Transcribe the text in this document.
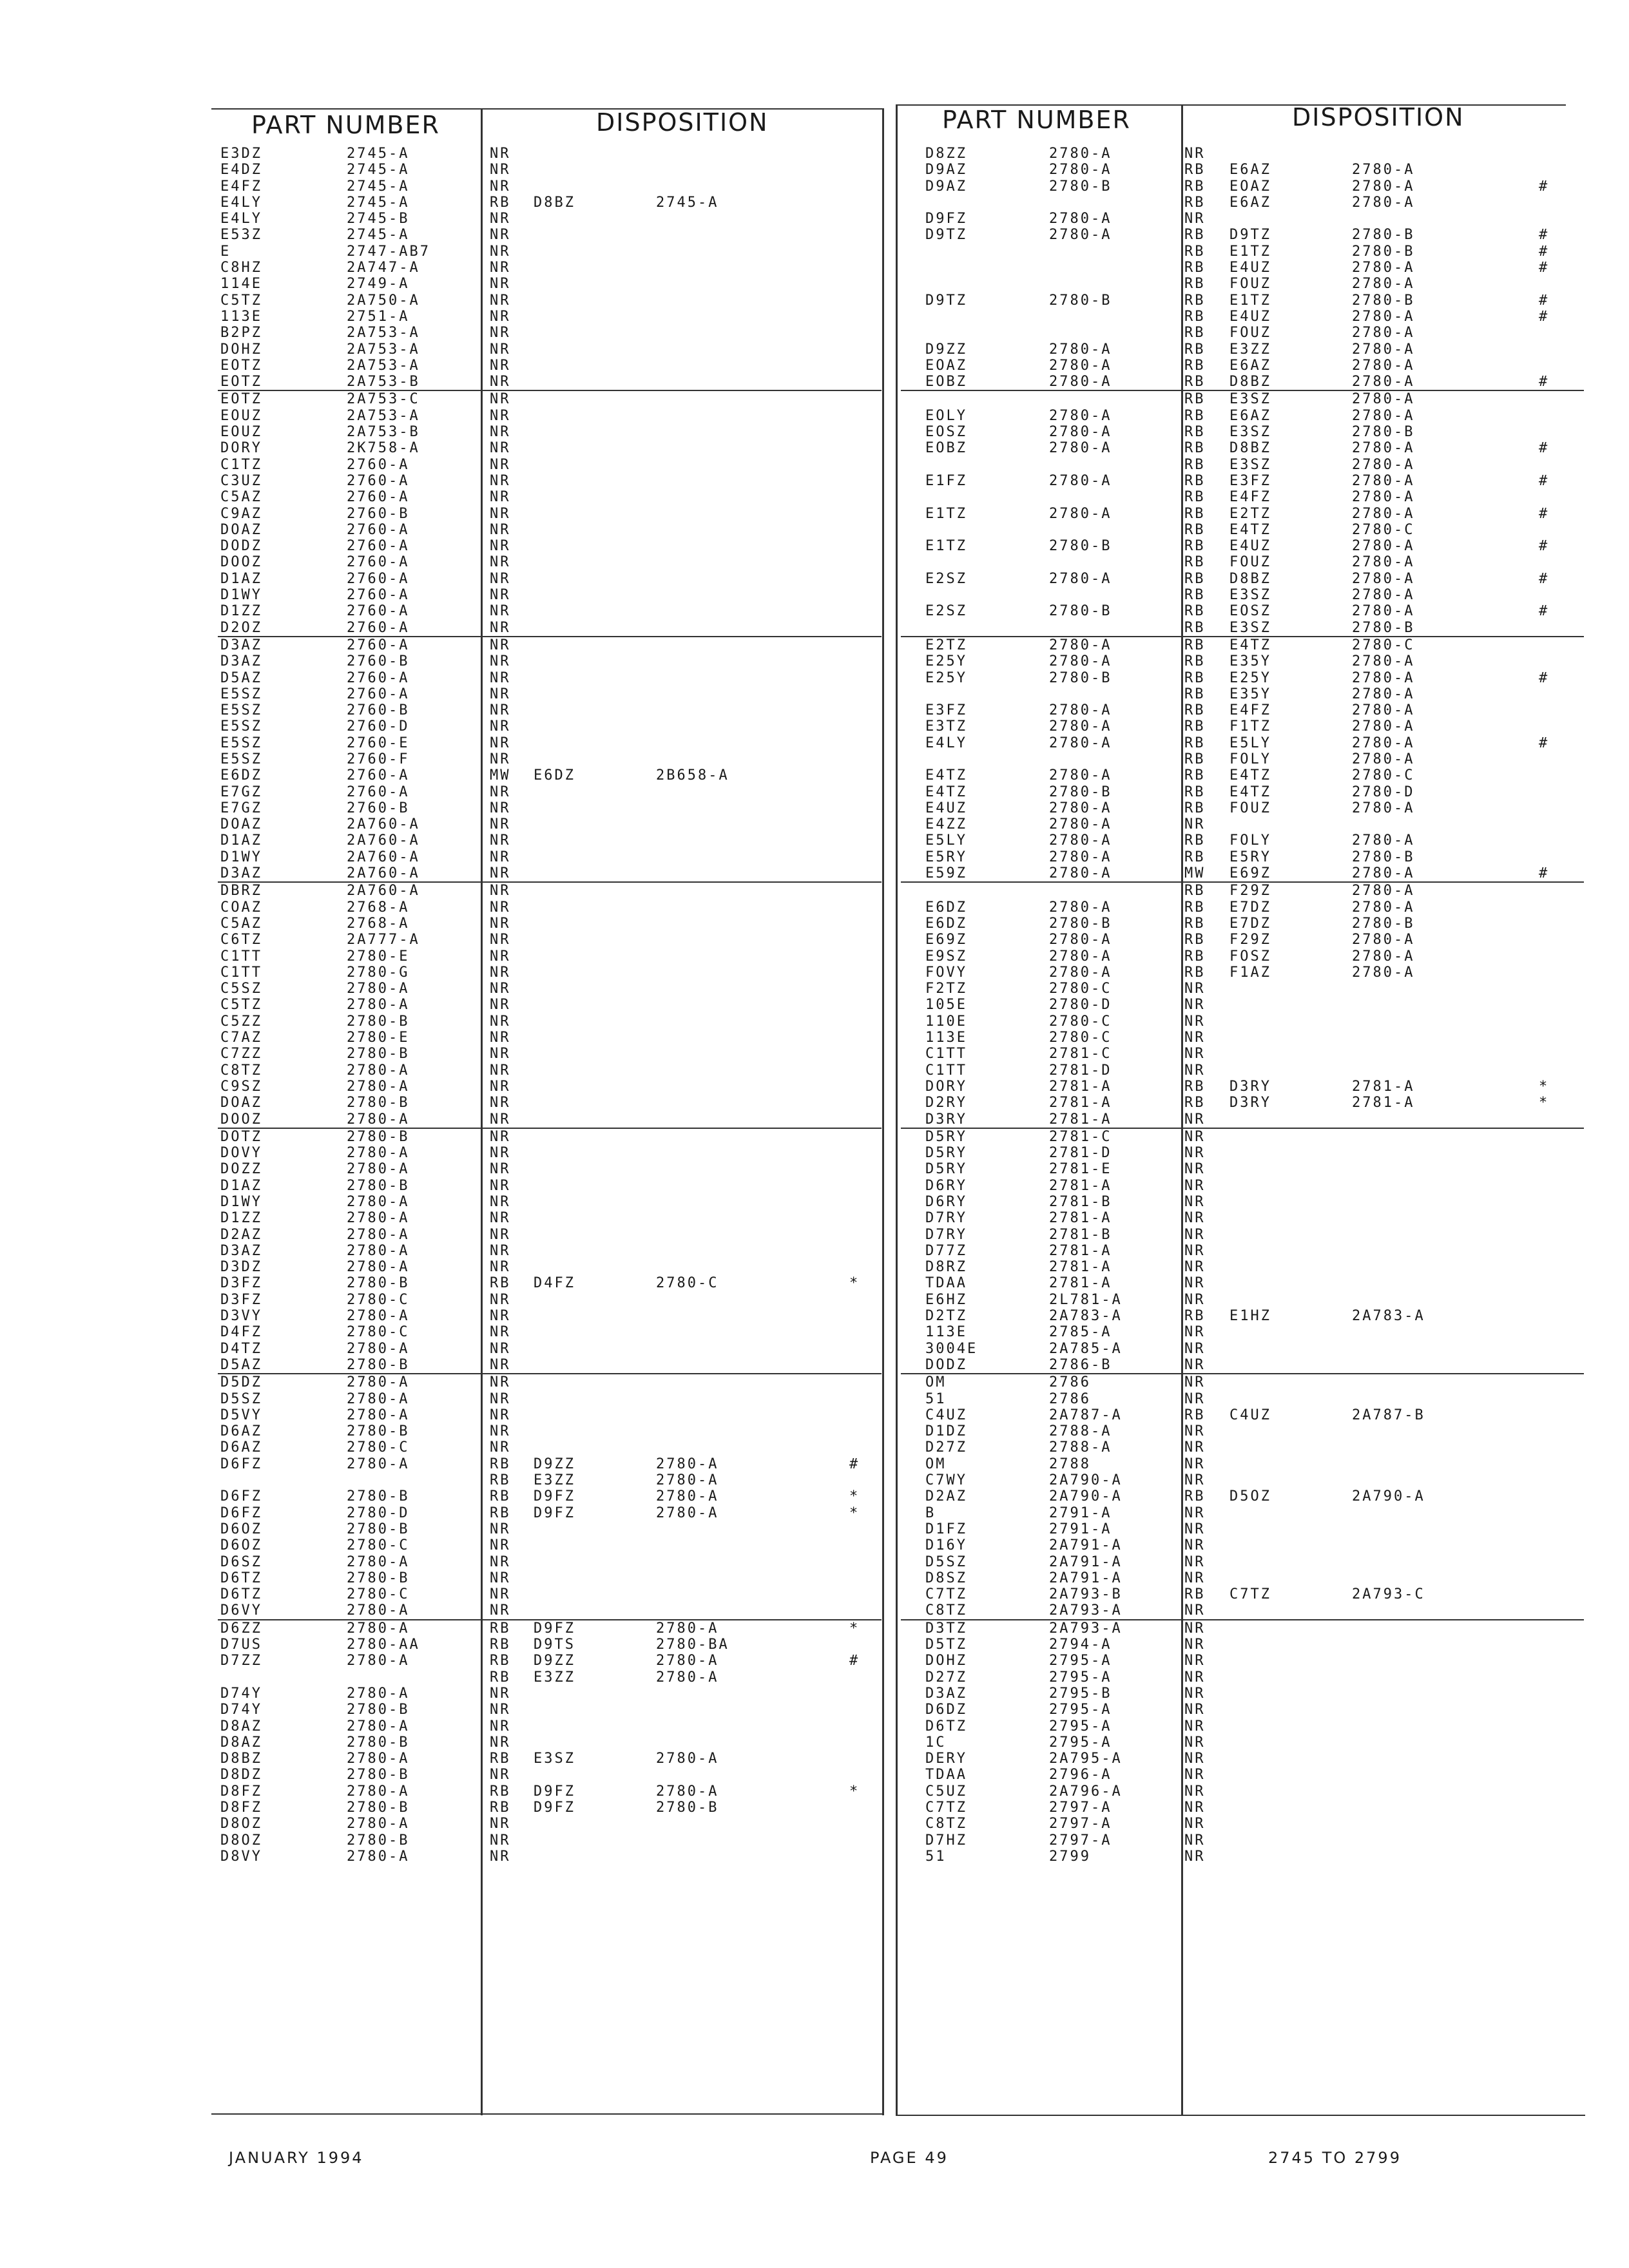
PART NUMBER	DISPOSITION	PART NUMBER	DISPOSITION
E3DZ	2745-A	NR
E4DZ	2745-A	NR
E4FZ	2745-A	NR
E4LY	2745-A	RB D8BZ	2745-A
E4LY	2745-B	NR
E53Z	2745-A	NR
E	2747-AB7	NR
C8HZ	2A747-A	NR
114E	2749-A	NR
C5TZ	2A750-A	NR
113E	2751-A	NR
B2PZ	2A753-A	NR
DOHZ	2A753-A	NR
EOTZ	2A753-A	NR
EOTZ	2A753-B	NR
EOTZ	2A753-C	NR
EOUZ	2A753-A	NR
EOUZ	2A753-B	NR
DORY	2K758-A	NR
C1TZ	2760-A	NR
C3UZ	2760-A	NR
C5AZ	2760-A	NR
C9AZ	2760-B	NR
DOAZ	2760-A	NR
DODZ	2760-A	NR
DOOZ	2760-A	NR
D1AZ	2760-A	NR
D1WY	2760-A	NR
D1ZZ	2760-A	NR
D2OZ	2760-A	NR
D3AZ	2760-A	NR
D3AZ	2760-B	NR
D5AZ	2760-A	NR
E5SZ	2760-A	NR
E5SZ	2760-B	NR
E5SZ	2760-D	NR
E5SZ	2760-E	NR
E5SZ	2760-F	NR
E6DZ	2760-A	MW E6DZ	2B658-A
E7GZ	2760-A	NR
E7GZ	2760-B	NR
DOAZ	2A760-A	NR
D1AZ	2A760-A	NR
D1WY	2A760-A	NR
D3AZ	2A760-A	NR
DBRZ	2A760-A	NR
COAZ	2768-A	NR
C5AZ	2768-A	NR
C6TZ	2A777-A	NR
C1TT	2780-E	NR
C1TT	2780-G	NR
C5SZ	2780-A	NR
C5TZ	2780-A	NR
C5ZZ	2780-B	NR
C7AZ	2780-E	NR
C7ZZ	2780-B	NR
C8TZ	2780-A	NR
C9SZ	2780-A	NR
DOAZ	2780-B	NR
DOOZ	2780-A	NR
DOTZ	2780-B	NR
DOVY	2780-A	NR
DOZZ	2780-A	NR
D1AZ	2780-B	NR
D1WY	2780-A	NR
D1ZZ	2780-A	NR
D2AZ	2780-A	NR
D3AZ	2780-A	NR
D3DZ	2780-A	NR
D3FZ	2780-B	RB D4FZ	2780-C	*
D3FZ	2780-C	NR
D3VY	2780-A	NR
D4FZ	2780-C	NR
D4TZ	2780-A	NR
D5AZ	2780-B	NR
D5DZ	2780-A	NR
D5SZ	2780-A	NR
D5VY	2780-A	NR
D6AZ	2780-B	NR
D6AZ	2780-C	NR
D6FZ	2780-A	RB D9ZZ	2780-A	#
RB E3ZZ	2780-A
D6FZ	2780-B	RB D9FZ	2780-A	*
D6FZ	2780-D	RB D9FZ	2780-A	*
D6OZ	2780-B	NR
D6OZ	2780-C	NR
D6SZ	2780-A	NR
D6TZ	2780-B	NR
D6TZ	2780-C	NR
D6VY	2780-A	NR
D6ZZ	2780-A	RB D9FZ	2780-A	*
D7US	2780-AA	RB D9TS	2780-BA
D7ZZ	2780-A	RB D9ZZ	2780-A	#
RB E3ZZ	2780-A
D74Y	2780-A	NR
D74Y	2780-B	NR
D8AZ	2780-A	NR
D8AZ	2780-B	NR
D8BZ	2780-A	RB E3SZ	2780-A
D8DZ	2780-B	NR
D8FZ	2780-A	RB D9FZ	2780-A	*
D8FZ	2780-B	RB D9FZ	2780-B
D8OZ	2780-A	NR
D8OZ	2780-B	NR
D8VY	2780-A	NR
D8ZZ	2780-A	NR
D9AZ	2780-A	RB E6AZ	2780-A
D9AZ	2780-B	RB EOAZ	2780-A	#
RB E6AZ	2780-A
D9FZ	2780-A	NR
D9TZ	2780-A	RB D9TZ	2780-B	#
RB E1TZ	2780-B	#
RB E4UZ	2780-A	#
RB FOUZ	2780-A
D9TZ	2780-B	RB E1TZ	2780-B	#
RB E4UZ	2780-A	#
RB FOUZ	2780-A
D9ZZ	2780-A	RB E3ZZ	2780-A
EOAZ	2780-A	RB E6AZ	2780-A
EOBZ	2780-A	RB D8BZ	2780-A	#
RB E3SZ	2780-A
EOLY	2780-A	RB E6AZ	2780-A
EOSZ	2780-A	RB E3SZ	2780-B
EOBZ	2780-A	RB D8BZ	2780-A	#
RB E3SZ	2780-A
E1FZ	2780-A	RB E3FZ	2780-A	#
RB E4FZ	2780-A
E1TZ	2780-A	RB E2TZ	2780-A	#
RB E4TZ	2780-C
E1TZ	2780-B	RB E4UZ	2780-A	#
RB FOUZ	2780-A
E2SZ	2780-A	RB D8BZ	2780-A	#
RB E3SZ	2780-A
E2SZ	2780-B	RB EOSZ	2780-A	#
RB E3SZ	2780-B
E2TZ	2780-A	RB E4TZ	2780-C
E25Y	2780-A	RB E35Y	2780-A
E25Y	2780-B	RB E25Y	2780-A	#
RB E35Y	2780-A
E3FZ	2780-A	RB E4FZ	2780-A
E3TZ	2780-A	RB F1TZ	2780-A
E4LY	2780-A	RB E5LY	2780-A	#
RB FOLY	2780-A
E4TZ	2780-A	RB E4TZ	2780-C
E4TZ	2780-B	RB E4TZ	2780-D
E4UZ	2780-A	RB FOUZ	2780-A
E4ZZ	2780-A	NR
E5LY	2780-A	RB FOLY	2780-A
E5RY	2780-A	RB E5RY	2780-B
E59Z	2780-A	MW E69Z	2780-A	#
RB F29Z	2780-A
E6DZ	2780-A	RB E7DZ	2780-A
E6DZ	2780-B	RB E7DZ	2780-B
E69Z	2780-A	RB F29Z	2780-A
E9SZ	2780-A	RB FOSZ	2780-A
FOVY	2780-A	RB F1AZ	2780-A
F2TZ	2780-C	NR
105E	2780-D	NR
110E	2780-C	NR
113E	2780-C	NR
C1TT	2781-C	NR
C1TT	2781-D	NR
DORY	2781-A	RB D3RY	2781-A	*
D2RY	2781-A	RB D3RY	2781-A	*
D3RY	2781-A	NR
D5RY	2781-C	NR
D5RY	2781-D	NR
D5RY	2781-E	NR
D6RY	2781-A	NR
D6RY	2781-B	NR
D7RY	2781-A	NR
D7RY	2781-B	NR
D77Z	2781-A	NR
D8RZ	2781-A	NR
TDAA	2781-A	NR
E6HZ	2L781-A	NR
D2TZ	2A783-A	RB E1HZ	2A783-A
113E	2785-A	NR
3004E	2A785-A	NR
DODZ	2786-B	NR
OM	2786	NR
51	2786	NR
C4UZ	2A787-A	RB C4UZ	2A787-B
D1DZ	2788-A	NR
D27Z	2788-A	NR
OM	2788	NR
C7WY	2A790-A	NR
D2AZ	2A790-A	RB D5OZ	2A790-A
B	2791-A	NR
D1FZ	2791-A	NR
D16Y	2A791-A	NR
D5SZ	2A791-A	NR
D8SZ	2A791-A	NR
C7TZ	2A793-B	RB C7TZ	2A793-C
C8TZ	2A793-A	NR
D3TZ	2A793-A	NR
D5TZ	2794-A	NR
DOHZ	2795-A	NR
D27Z	2795-A	NR
D3AZ	2795-B	NR
D6DZ	2795-A	NR
D6TZ	2795-A	NR
1C	2795-A	NR
DERY	2A795-A	NR
TDAA	2796-A	NR
C5UZ	2A796-A	NR
C7TZ	2797-A	NR
C8TZ	2797-A	NR
D7HZ	2797-A	NR
51	2799	NR
JANUARY 1994	PAGE 49	2745 TO 2799
